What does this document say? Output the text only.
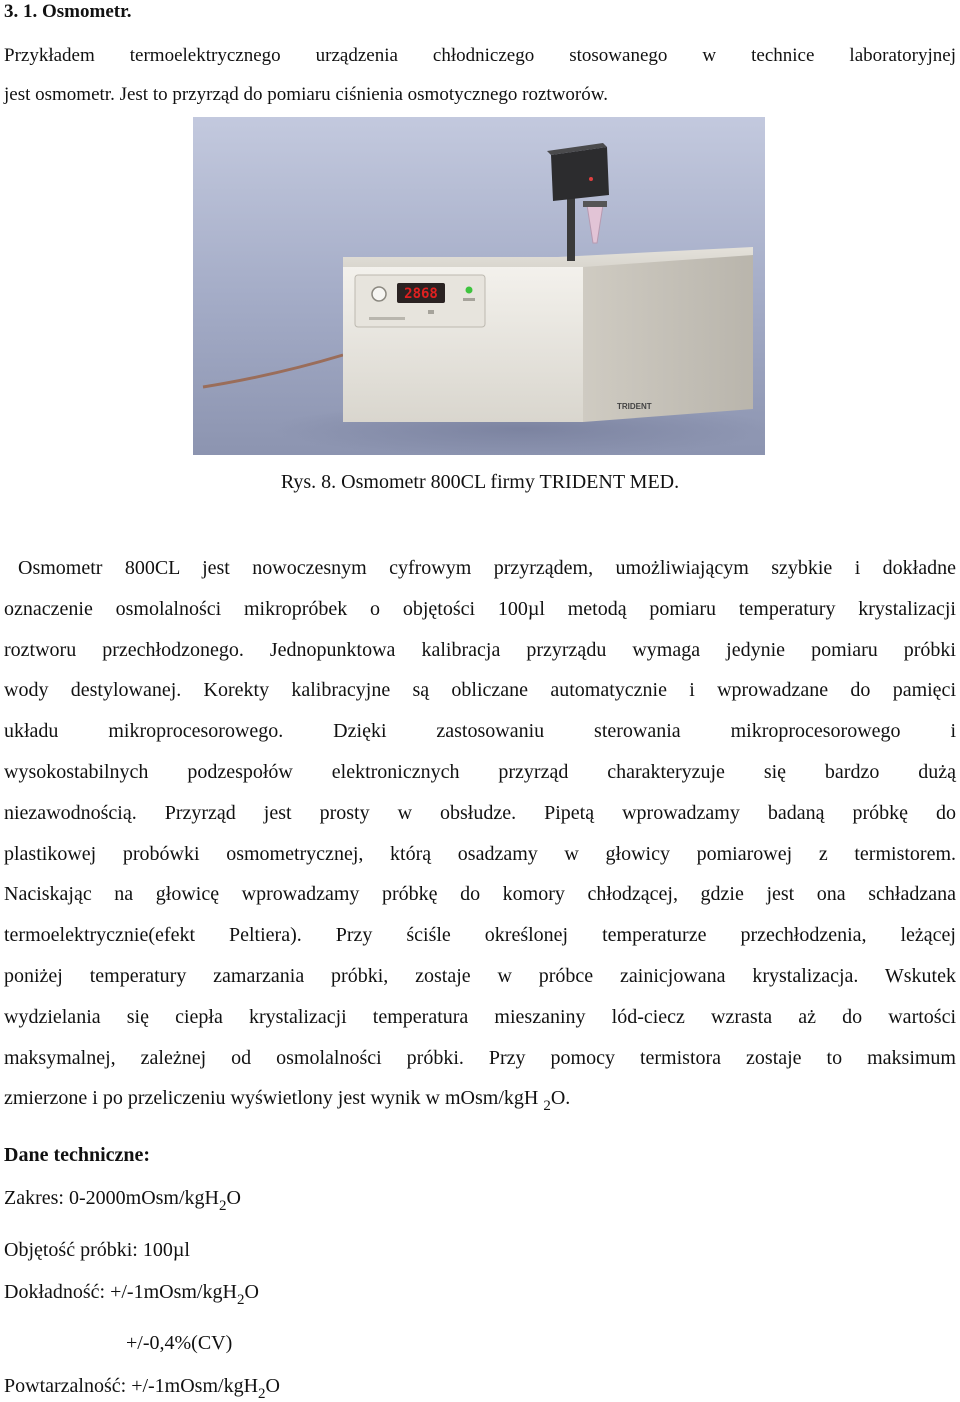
3. 1. Osmometr.
Przykładem termoelektrycznego urządzenia chłodniczego stosowanego w technice laboratoryjnej
jest osmometr. Jest to przyrząd do pomiaru ciśnienia osmotycznego roztworów.
2868
TRIDENT
Rys. 8. Osmometr 800CL firmy TRIDENT MED.
Osmometr 800CL jest nowoczesnym cyfrowym przyrządem, umożliwiającym szybkie i dokładne
oznaczenie osmolalności mikropróbek o objętości 100µl metodą pomiaru temperatury krystalizacji
roztworu przechłodzonego. Jednopunktowa kalibracja przyrządu wymaga jedynie pomiaru próbki
wody destylowanej. Korekty kalibracyjne są obliczane automatycznie i wprowadzane do pamięci
układu mikroprocesorowego. Dzięki zastosowaniu sterowania mikroprocesorowego i
wysokostabilnych podzespołów elektronicznych przyrząd charakteryzuje się bardzo dużą
niezawodnością. Przyrząd jest prosty w obsłudze. Pipetą wprowadzamy badaną próbkę do
plastikowej probówki osmometrycznej, którą osadzamy w głowicy pomiarowej z termistorem.
Naciskając na głowicę wprowadzamy próbkę do komory chłodzącej, gdzie jest ona schładzana
termoelektrycznie(efekt Peltiera). Przy ściśle określonej temperaturze przechłodzenia, leżącej
poniżej temperatury zamarzania próbki, zostaje w próbce zainicjowana krystalizacja. Wskutek
wydzielania się ciepła krystalizacji temperatura mieszaniny lód-ciecz wzrasta aż do wartości
maksymalnej, zależnej od osmolalności próbki. Przy pomocy termistora zostaje to maksimum
zmierzone i po przeliczeniu wyświetlony jest wynik w mOsm/kgH $_2$O.
Dane techniczne:
Zakres: 0-2000mOsm/kgH$_2$O
Objętość próbki: 100µl
Dokładność: +/-1mOsm/kgH$_2$O
+/-0,4%(CV)
Powtarzalność: +/-1mOsm/kgH$_2$O
